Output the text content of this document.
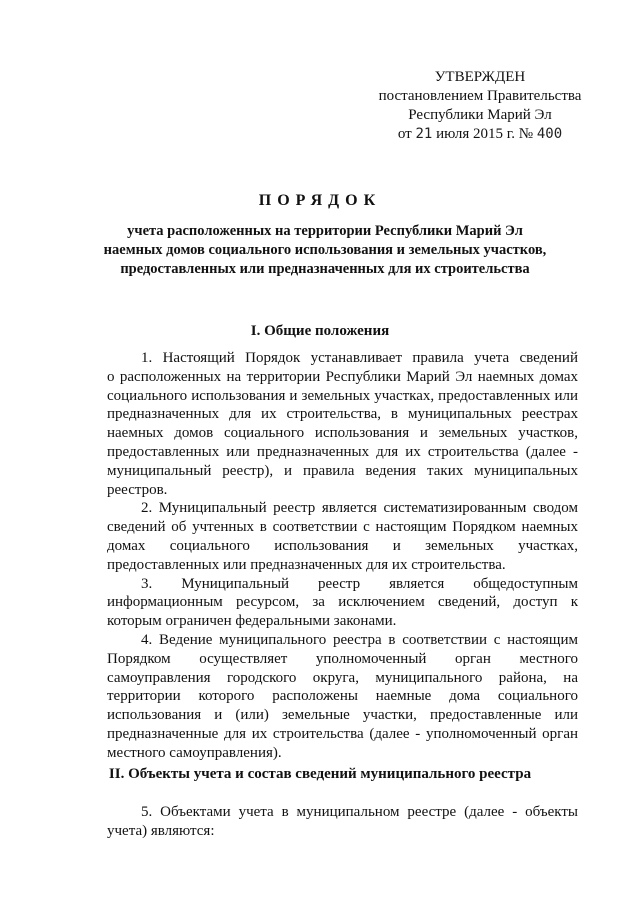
УТВЕРЖДЕН
постановлением Правительства
Республики Марий Эл
от 21 июля 2015 г. № 400
ПОРЯДОК
учета расположенных на территории Республики Марий Эл
наемных домов социального использования и земельных участков,
предоставленных или предназначенных для их строительства
I. Общие положения
1. Настоящий Порядок устанавливает правила учета сведений
о расположенных на территории Республики Марий Эл наемных домах
социального использования и земельных участках, предоставленных или
предназначенных для их строительства, в муниципальных реестрах
наемных домов социального использования и земельных участков,
предоставленных или предназначенных для их строительства (далее -
муниципальный реестр), и правила ведения таких муниципальных
реестров.
2. Муниципальный реестр является систематизированным сводом
сведений об учтенных в соответствии с настоящим Порядком наемных
домах социального использования и земельных участках,
предоставленных или предназначенных для их строительства.
3. Муниципальный реестр является общедоступным
информационным ресурсом, за исключением сведений, доступ к
которым ограничен федеральными законами.
4. Ведение муниципального реестра в соответствии с настоящим
Порядком осуществляет уполномоченный орган местного
самоуправления городского округа, муниципального района, на
территории которого расположены наемные дома социального
использования и (или) земельные участки, предоставленные или
предназначенные для их строительства (далее - уполномоченный орган
местного самоуправления).
II. Объекты учета и состав сведений муниципального реестра
5. Объектами учета в муниципальном реестре (далее - объекты
учета) являются:
